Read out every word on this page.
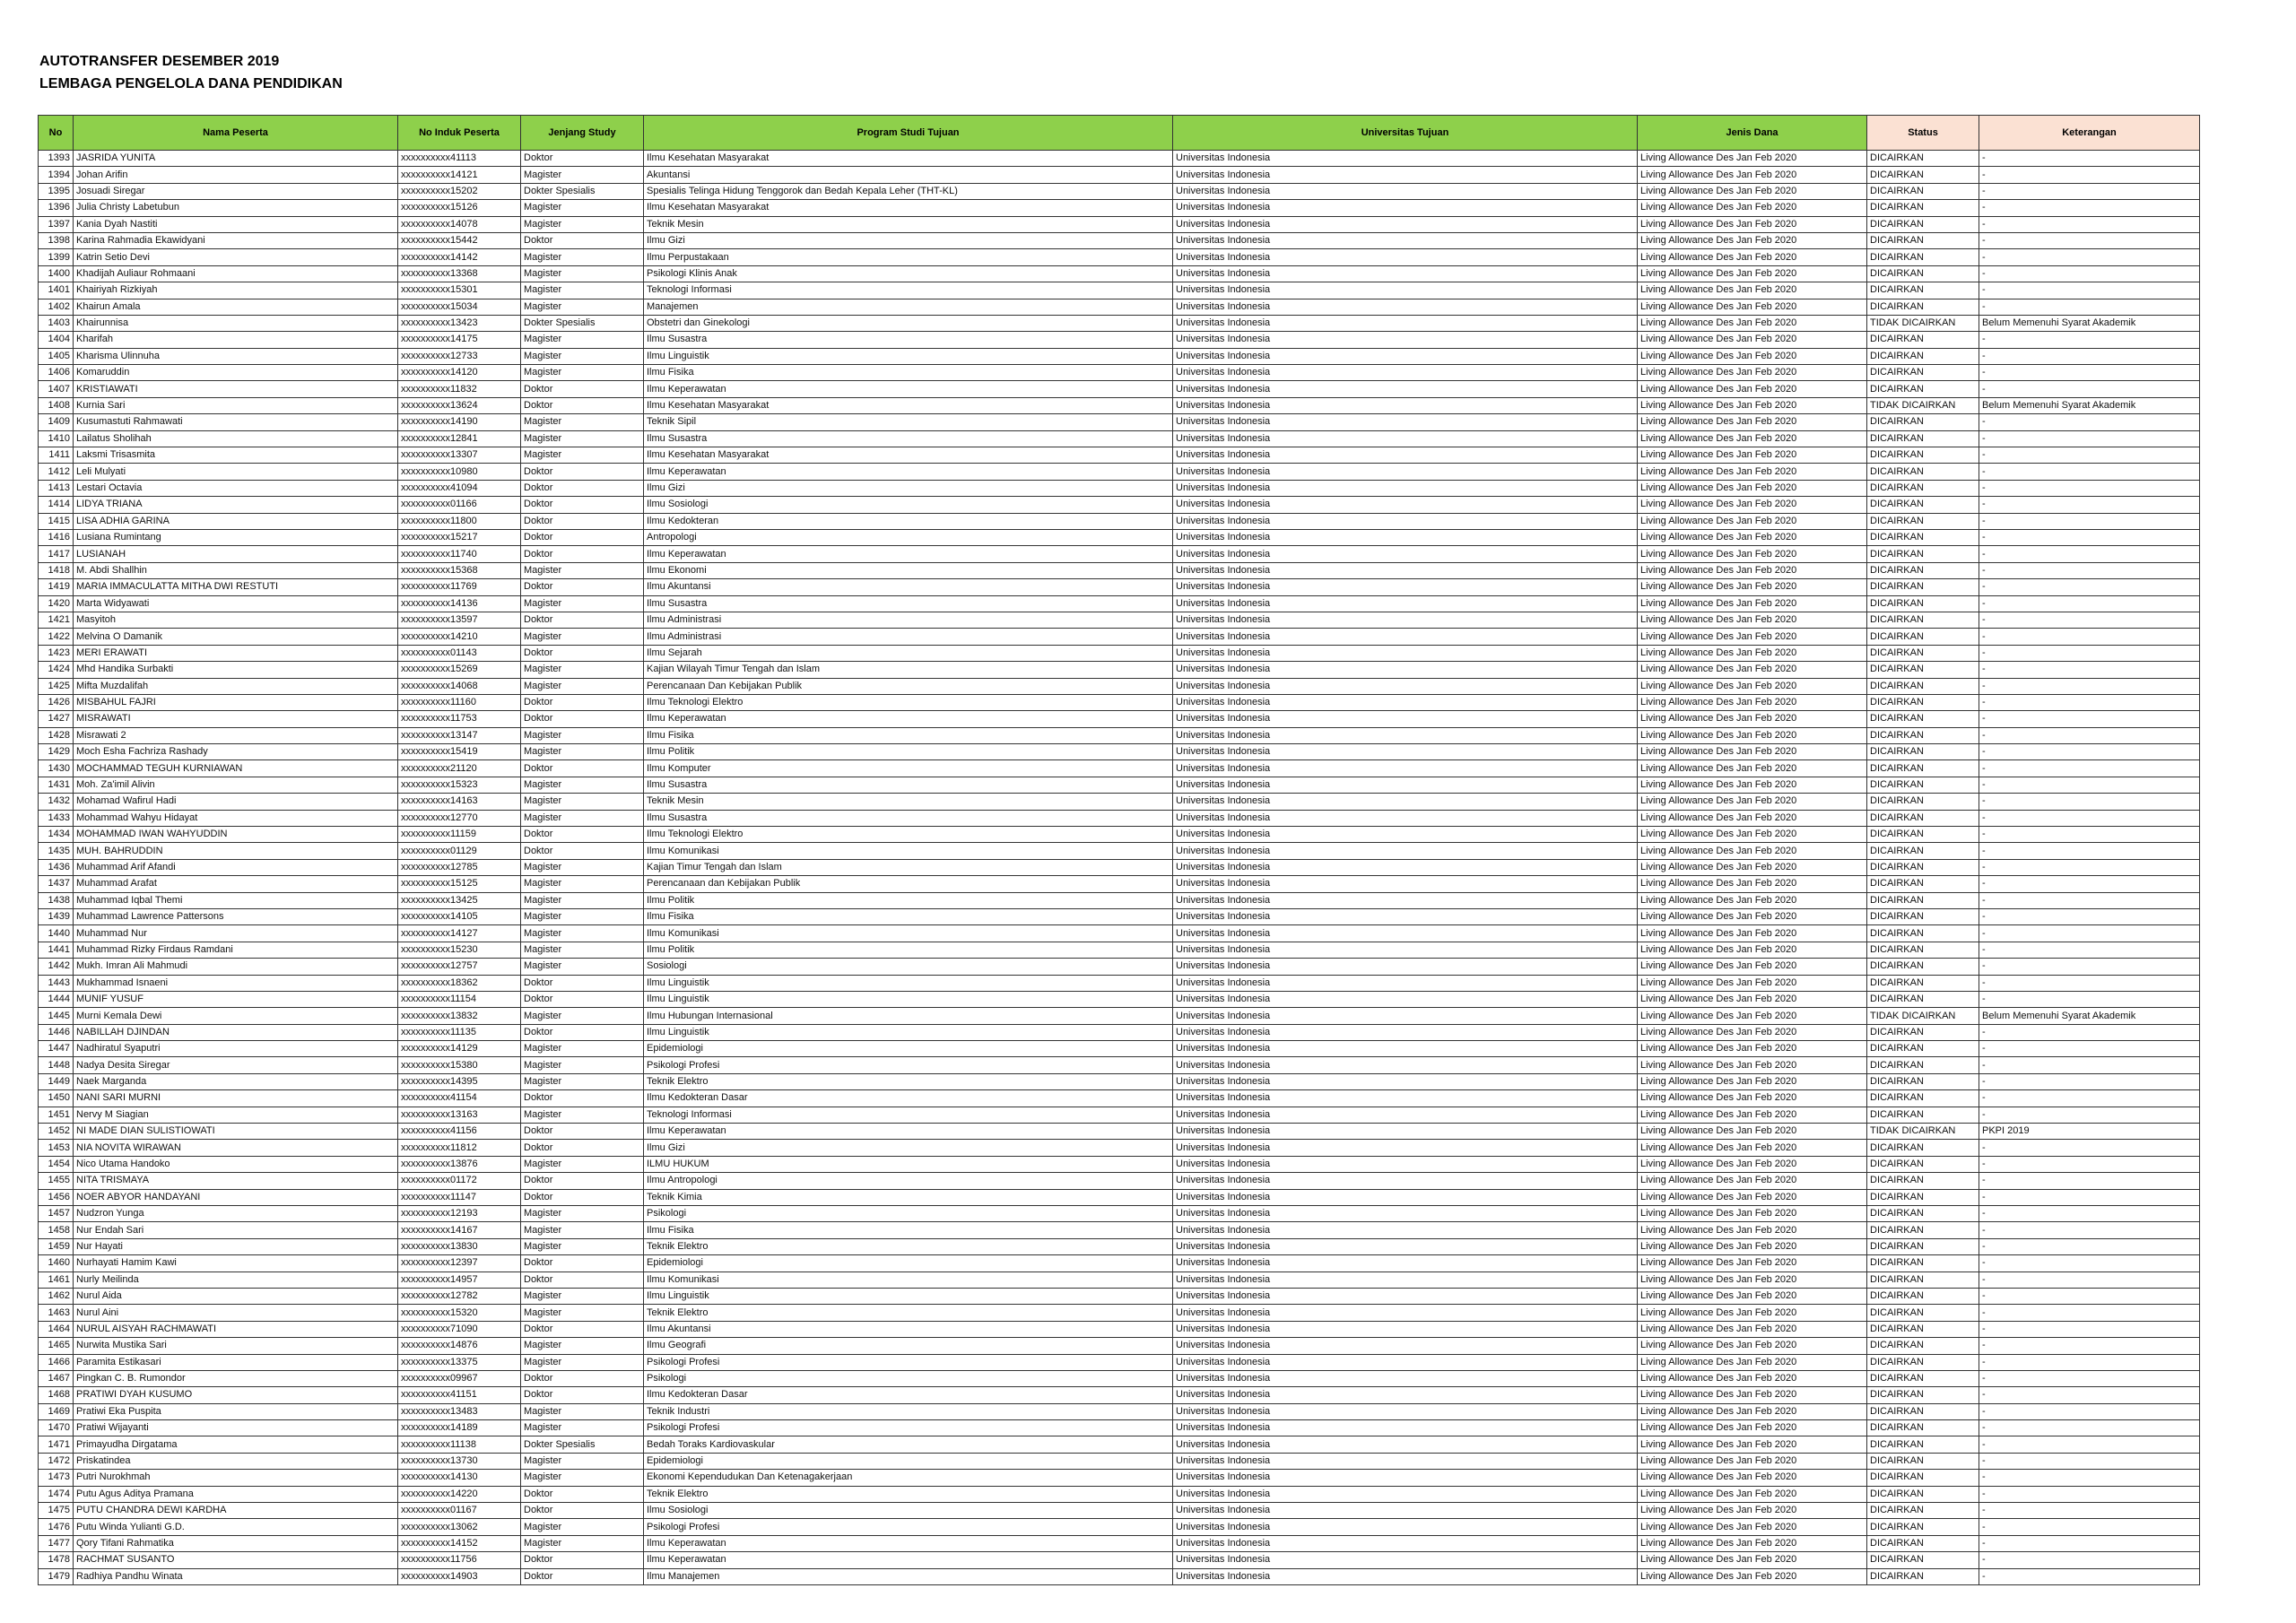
AUTOTRANSFER DESEMBER 2019
LEMBAGA PENGELOLA DANA PENDIDIKAN
No	Nama Peserta	No Induk Peserta	Jenjang Study	Program Studi Tujuan	Universitas Tujuan	Jenis Dana	Status	Keterangan
1393	JASRIDA YUNITA	xxxxxxxxxx41113	Doktor	Ilmu Kesehatan Masyarakat	Universitas Indonesia	Living Allowance Des Jan Feb 2020	DICAIRKAN	-
1394	Johan Arifin	xxxxxxxxxx14121	Magister	Akuntansi	Universitas Indonesia	Living Allowance Des Jan Feb 2020	DICAIRKAN	-
1395	Josuadi Siregar	xxxxxxxxxx15202	Dokter Spesialis	Spesialis Telinga Hidung Tenggorok dan Bedah Kepala Leher (THT-KL)	Universitas Indonesia	Living Allowance Des Jan Feb 2020	DICAIRKAN	-
1396	Julia Christy Labetubun	xxxxxxxxxx15126	Magister	Ilmu Kesehatan Masyarakat	Universitas Indonesia	Living Allowance Des Jan Feb 2020	DICAIRKAN	-
1397	Kania Dyah Nastiti	xxxxxxxxxx14078	Magister	Teknik Mesin	Universitas Indonesia	Living Allowance Des Jan Feb 2020	DICAIRKAN	-
1398	Karina Rahmadia Ekawidyani	xxxxxxxxxx15442	Doktor	Ilmu Gizi	Universitas Indonesia	Living Allowance Des Jan Feb 2020	DICAIRKAN	-
1399	Katrin Setio Devi	xxxxxxxxxx14142	Magister	Ilmu Perpustakaan	Universitas Indonesia	Living Allowance Des Jan Feb 2020	DICAIRKAN	-
1400	Khadijah Auliaur Rohmaani	xxxxxxxxxx13368	Magister	Psikologi Klinis Anak	Universitas Indonesia	Living Allowance Des Jan Feb 2020	DICAIRKAN	-
1401	Khairiyah Rizkiyah	xxxxxxxxxx15301	Magister	Teknologi Informasi	Universitas Indonesia	Living Allowance Des Jan Feb 2020	DICAIRKAN	-
1402	Khairun Amala	xxxxxxxxxx15034	Magister	Manajemen	Universitas Indonesia	Living Allowance Des Jan Feb 2020	DICAIRKAN	-
1403	Khairunnisa	xxxxxxxxxx13423	Dokter Spesialis	Obstetri dan Ginekologi	Universitas Indonesia	Living Allowance Des Jan Feb 2020	TIDAK DICAIRKAN	Belum Memenuhi Syarat Akademik
1404	Kharifah	xxxxxxxxxx14175	Magister	Ilmu Susastra	Universitas Indonesia	Living Allowance Des Jan Feb 2020	DICAIRKAN	-
1405	Kharisma Ulinnuha	xxxxxxxxxx12733	Magister	Ilmu Linguistik	Universitas Indonesia	Living Allowance Des Jan Feb 2020	DICAIRKAN	-
1406	Komaruddin	xxxxxxxxxx14120	Magister	Ilmu Fisika	Universitas Indonesia	Living Allowance Des Jan Feb 2020	DICAIRKAN	-
1407	KRISTIAWATI	xxxxxxxxxx11832	Doktor	Ilmu Keperawatan	Universitas Indonesia	Living Allowance Des Jan Feb 2020	DICAIRKAN	-
1408	Kurnia Sari	xxxxxxxxxx13624	Doktor	Ilmu Kesehatan Masyarakat	Universitas Indonesia	Living Allowance Des Jan Feb 2020	TIDAK DICAIRKAN	Belum Memenuhi Syarat Akademik
1409	Kusumastuti Rahmawati	xxxxxxxxxx14190	Magister	Teknik Sipil	Universitas Indonesia	Living Allowance Des Jan Feb 2020	DICAIRKAN	-
1410	Lailatus Sholihah	xxxxxxxxxx12841	Magister	Ilmu Susastra	Universitas Indonesia	Living Allowance Des Jan Feb 2020	DICAIRKAN	-
1411	Laksmi Trisasmita	xxxxxxxxxx13307	Magister	Ilmu Kesehatan Masyarakat	Universitas Indonesia	Living Allowance Des Jan Feb 2020	DICAIRKAN	-
1412	Leli Mulyati	xxxxxxxxxx10980	Doktor	Ilmu Keperawatan	Universitas Indonesia	Living Allowance Des Jan Feb 2020	DICAIRKAN	-
1413	Lestari Octavia	xxxxxxxxxx41094	Doktor	Ilmu Gizi	Universitas Indonesia	Living Allowance Des Jan Feb 2020	DICAIRKAN	-
1414	LIDYA TRIANA	xxxxxxxxxx01166	Doktor	Ilmu Sosiologi	Universitas Indonesia	Living Allowance Des Jan Feb 2020	DICAIRKAN	-
1415	LISA ADHIA GARINA	xxxxxxxxxx11800	Doktor	Ilmu Kedokteran	Universitas Indonesia	Living Allowance Des Jan Feb 2020	DICAIRKAN	-
1416	Lusiana Rumintang	xxxxxxxxxx15217	Doktor	Antropologi	Universitas Indonesia	Living Allowance Des Jan Feb 2020	DICAIRKAN	-
1417	LUSIANAH	xxxxxxxxxx11740	Doktor	Ilmu Keperawatan	Universitas Indonesia	Living Allowance Des Jan Feb 2020	DICAIRKAN	-
1418	M. Abdi Shallhin	xxxxxxxxxx15368	Magister	Ilmu Ekonomi	Universitas Indonesia	Living Allowance Des Jan Feb 2020	DICAIRKAN	-
1419	MARIA IMMACULATTA MITHA DWI RESTUTI	xxxxxxxxxx11769	Doktor	Ilmu Akuntansi	Universitas Indonesia	Living Allowance Des Jan Feb 2020	DICAIRKAN	-
1420	Marta Widyawati	xxxxxxxxxx14136	Magister	Ilmu Susastra	Universitas Indonesia	Living Allowance Des Jan Feb 2020	DICAIRKAN	-
1421	Masyitoh	xxxxxxxxxx13597	Doktor	Ilmu Administrasi	Universitas Indonesia	Living Allowance Des Jan Feb 2020	DICAIRKAN	-
1422	Melvina O Damanik	xxxxxxxxxx14210	Magister	Ilmu Administrasi	Universitas Indonesia	Living Allowance Des Jan Feb 2020	DICAIRKAN	-
1423	MERI ERAWATI	xxxxxxxxxx01143	Doktor	Ilmu Sejarah	Universitas Indonesia	Living Allowance Des Jan Feb 2020	DICAIRKAN	-
1424	Mhd Handika Surbakti	xxxxxxxxxx15269	Magister	Kajian Wilayah Timur Tengah dan Islam	Universitas Indonesia	Living Allowance Des Jan Feb 2020	DICAIRKAN	-
1425	Mifta Muzdalifah	xxxxxxxxxx14068	Magister	Perencanaan Dan Kebijakan Publik	Universitas Indonesia	Living Allowance Des Jan Feb 2020	DICAIRKAN	-
1426	MISBAHUL FAJRI	xxxxxxxxxx11160	Doktor	Ilmu Teknologi Elektro	Universitas Indonesia	Living Allowance Des Jan Feb 2020	DICAIRKAN	-
1427	MISRAWATI	xxxxxxxxxx11753	Doktor	Ilmu Keperawatan	Universitas Indonesia	Living Allowance Des Jan Feb 2020	DICAIRKAN	-
1428	Misrawati 2	xxxxxxxxxx13147	Magister	Ilmu Fisika	Universitas Indonesia	Living Allowance Des Jan Feb 2020	DICAIRKAN	-
1429	Moch Esha Fachriza Rashady	xxxxxxxxxx15419	Magister	Ilmu Politik	Universitas Indonesia	Living Allowance Des Jan Feb 2020	DICAIRKAN	-
1430	MOCHAMMAD TEGUH KURNIAWAN	xxxxxxxxxx21120	Doktor	Ilmu Komputer	Universitas Indonesia	Living Allowance Des Jan Feb 2020	DICAIRKAN	-
1431	Moh. Za'imil Alivin	xxxxxxxxxx15323	Magister	Ilmu Susastra	Universitas Indonesia	Living Allowance Des Jan Feb 2020	DICAIRKAN	-
1432	Mohamad Wafirul Hadi	xxxxxxxxxx14163	Magister	Teknik Mesin	Universitas Indonesia	Living Allowance Des Jan Feb 2020	DICAIRKAN	-
1433	Mohammad Wahyu Hidayat	xxxxxxxxxx12770	Magister	Ilmu Susastra	Universitas Indonesia	Living Allowance Des Jan Feb 2020	DICAIRKAN	-
1434	MOHAMMAD IWAN WAHYUDDIN	xxxxxxxxxx11159	Doktor	Ilmu Teknologi Elektro	Universitas Indonesia	Living Allowance Des Jan Feb 2020	DICAIRKAN	-
1435	MUH. BAHRUDDIN	xxxxxxxxxx01129	Doktor	Ilmu Komunikasi	Universitas Indonesia	Living Allowance Des Jan Feb 2020	DICAIRKAN	-
1436	Muhammad Arif Afandi	xxxxxxxxxx12785	Magister	Kajian Timur Tengah dan Islam	Universitas Indonesia	Living Allowance Des Jan Feb 2020	DICAIRKAN	-
1437	Muhammad Arafat	xxxxxxxxxx15125	Magister	Perencanaan dan Kebijakan Publik	Universitas Indonesia	Living Allowance Des Jan Feb 2020	DICAIRKAN	-
1438	Muhammad Iqbal Themi	xxxxxxxxxx13425	Magister	Ilmu Politik	Universitas Indonesia	Living Allowance Des Jan Feb 2020	DICAIRKAN	-
1439	Muhammad Lawrence Pattersons	xxxxxxxxxx14105	Magister	Ilmu Fisika	Universitas Indonesia	Living Allowance Des Jan Feb 2020	DICAIRKAN	-
1440	Muhammad Nur	xxxxxxxxxx14127	Magister	Ilmu Komunikasi	Universitas Indonesia	Living Allowance Des Jan Feb 2020	DICAIRKAN	-
1441	Muhammad Rizky Firdaus Ramdani	xxxxxxxxxx15230	Magister	Ilmu Politik	Universitas Indonesia	Living Allowance Des Jan Feb 2020	DICAIRKAN	-
1442	Mukh. Imran Ali Mahmudi	xxxxxxxxxx12757	Magister	Sosiologi	Universitas Indonesia	Living Allowance Des Jan Feb 2020	DICAIRKAN	-
1443	Mukhammad Isnaeni	xxxxxxxxxx18362	Doktor	Ilmu Linguistik	Universitas Indonesia	Living Allowance Des Jan Feb 2020	DICAIRKAN	-
1444	MUNIF YUSUF	xxxxxxxxxx11154	Doktor	Ilmu Linguistik	Universitas Indonesia	Living Allowance Des Jan Feb 2020	DICAIRKAN	-
1445	Murni Kemala Dewi	xxxxxxxxxx13832	Magister	Ilmu Hubungan Internasional	Universitas Indonesia	Living Allowance Des Jan Feb 2020	TIDAK DICAIRKAN	Belum Memenuhi Syarat Akademik
1446	NABILLAH DJINDAN	xxxxxxxxxx11135	Doktor	Ilmu Linguistik	Universitas Indonesia	Living Allowance Des Jan Feb 2020	DICAIRKAN	-
1447	Nadhiratul Syaputri	xxxxxxxxxx14129	Magister	Epidemiologi	Universitas Indonesia	Living Allowance Des Jan Feb 2020	DICAIRKAN	-
1448	Nadya Desita Siregar	xxxxxxxxxx15380	Magister	Psikologi Profesi	Universitas Indonesia	Living Allowance Des Jan Feb 2020	DICAIRKAN	-
1449	Naek Marganda	xxxxxxxxxx14395	Magister	Teknik Elektro	Universitas Indonesia	Living Allowance Des Jan Feb 2020	DICAIRKAN	-
1450	NANI SARI MURNI	xxxxxxxxxx41154	Doktor	Ilmu Kedokteran Dasar	Universitas Indonesia	Living Allowance Des Jan Feb 2020	DICAIRKAN	-
1451	Nervy M Siagian	xxxxxxxxxx13163	Magister	Teknologi Informasi	Universitas Indonesia	Living Allowance Des Jan Feb 2020	DICAIRKAN	-
1452	NI MADE DIAN SULISTIOWATI	xxxxxxxxxx41156	Doktor	Ilmu Keperawatan	Universitas Indonesia	Living Allowance Des Jan Feb 2020	TIDAK DICAIRKAN	PKPI 2019
1453	NIA NOVITA WIRAWAN	xxxxxxxxxx11812	Doktor	Ilmu Gizi	Universitas Indonesia	Living Allowance Des Jan Feb 2020	DICAIRKAN	-
1454	Nico Utama Handoko	xxxxxxxxxx13876	Magister	ILMU HUKUM	Universitas Indonesia	Living Allowance Des Jan Feb 2020	DICAIRKAN	-
1455	NITA TRISMAYA	xxxxxxxxxx01172	Doktor	Ilmu Antropologi	Universitas Indonesia	Living Allowance Des Jan Feb 2020	DICAIRKAN	-
1456	NOER ABYOR HANDAYANI	xxxxxxxxxx11147	Doktor	Teknik Kimia	Universitas Indonesia	Living Allowance Des Jan Feb 2020	DICAIRKAN	-
1457	Nudzron Yunga	xxxxxxxxxx12193	Magister	Psikologi	Universitas Indonesia	Living Allowance Des Jan Feb 2020	DICAIRKAN	-
1458	Nur Endah Sari	xxxxxxxxxx14167	Magister	Ilmu Fisika	Universitas Indonesia	Living Allowance Des Jan Feb 2020	DICAIRKAN	-
1459	Nur Hayati	xxxxxxxxxx13830	Magister	Teknik Elektro	Universitas Indonesia	Living Allowance Des Jan Feb 2020	DICAIRKAN	-
1460	Nurhayati Hamim Kawi	xxxxxxxxxx12397	Doktor	Epidemiologi	Universitas Indonesia	Living Allowance Des Jan Feb 2020	DICAIRKAN	-
1461	Nurly Meilinda	xxxxxxxxxx14957	Doktor	Ilmu Komunikasi	Universitas Indonesia	Living Allowance Des Jan Feb 2020	DICAIRKAN	-
1462	Nurul Aida	xxxxxxxxxx12782	Magister	Ilmu Linguistik	Universitas Indonesia	Living Allowance Des Jan Feb 2020	DICAIRKAN	-
1463	Nurul Aini	xxxxxxxxxx15320	Magister	Teknik Elektro	Universitas Indonesia	Living Allowance Des Jan Feb 2020	DICAIRKAN	-
1464	NURUL AISYAH RACHMAWATI	xxxxxxxxxx71090	Doktor	Ilmu Akuntansi	Universitas Indonesia	Living Allowance Des Jan Feb 2020	DICAIRKAN	-
1465	Nurwita Mustika Sari	xxxxxxxxxx14876	Magister	Ilmu Geografi	Universitas Indonesia	Living Allowance Des Jan Feb 2020	DICAIRKAN	-
1466	Paramita Estikasari	xxxxxxxxxx13375	Magister	Psikologi Profesi	Universitas Indonesia	Living Allowance Des Jan Feb 2020	DICAIRKAN	-
1467	Pingkan C. B. Rumondor	xxxxxxxxxx09967	Doktor	Psikologi	Universitas Indonesia	Living Allowance Des Jan Feb 2020	DICAIRKAN	-
1468	PRATIWI DYAH KUSUMO	xxxxxxxxxx41151	Doktor	Ilmu Kedokteran Dasar	Universitas Indonesia	Living Allowance Des Jan Feb 2020	DICAIRKAN	-
1469	Pratiwi Eka Puspita	xxxxxxxxxx13483	Magister	Teknik Industri	Universitas Indonesia	Living Allowance Des Jan Feb 2020	DICAIRKAN	-
1470	Pratiwi Wijayanti	xxxxxxxxxx14189	Magister	Psikologi Profesi	Universitas Indonesia	Living Allowance Des Jan Feb 2020	DICAIRKAN	-
1471	Primayudha Dirgatama	xxxxxxxxxx11138	Dokter Spesialis	Bedah Toraks Kardiovaskular	Universitas Indonesia	Living Allowance Des Jan Feb 2020	DICAIRKAN	-
1472	Priskatindea	xxxxxxxxxx13730	Magister	Epidemiologi	Universitas Indonesia	Living Allowance Des Jan Feb 2020	DICAIRKAN	-
1473	Putri Nurokhmah	xxxxxxxxxx14130	Magister	Ekonomi Kependudukan Dan Ketenagakerjaan	Universitas Indonesia	Living Allowance Des Jan Feb 2020	DICAIRKAN	-
1474	Putu Agus Aditya Pramana	xxxxxxxxxx14220	Doktor	Teknik Elektro	Universitas Indonesia	Living Allowance Des Jan Feb 2020	DICAIRKAN	-
1475	PUTU CHANDRA DEWI KARDHA	xxxxxxxxxx01167	Doktor	Ilmu Sosiologi	Universitas Indonesia	Living Allowance Des Jan Feb 2020	DICAIRKAN	-
1476	Putu Winda Yulianti G.D.	xxxxxxxxxx13062	Magister	Psikologi Profesi	Universitas Indonesia	Living Allowance Des Jan Feb 2020	DICAIRKAN	-
1477	Qory Tifani Rahmatika	xxxxxxxxxx14152	Magister	Ilmu Keperawatan	Universitas Indonesia	Living Allowance Des Jan Feb 2020	DICAIRKAN	-
1478	RACHMAT SUSANTO	xxxxxxxxxx11756	Doktor	Ilmu Keperawatan	Universitas Indonesia	Living Allowance Des Jan Feb 2020	DICAIRKAN	-
1479	Radhiya Pandhu Winata	xxxxxxxxxx14903	Doktor	Ilmu Manajemen	Universitas Indonesia	Living Allowance Des Jan Feb 2020	DICAIRKAN	-
